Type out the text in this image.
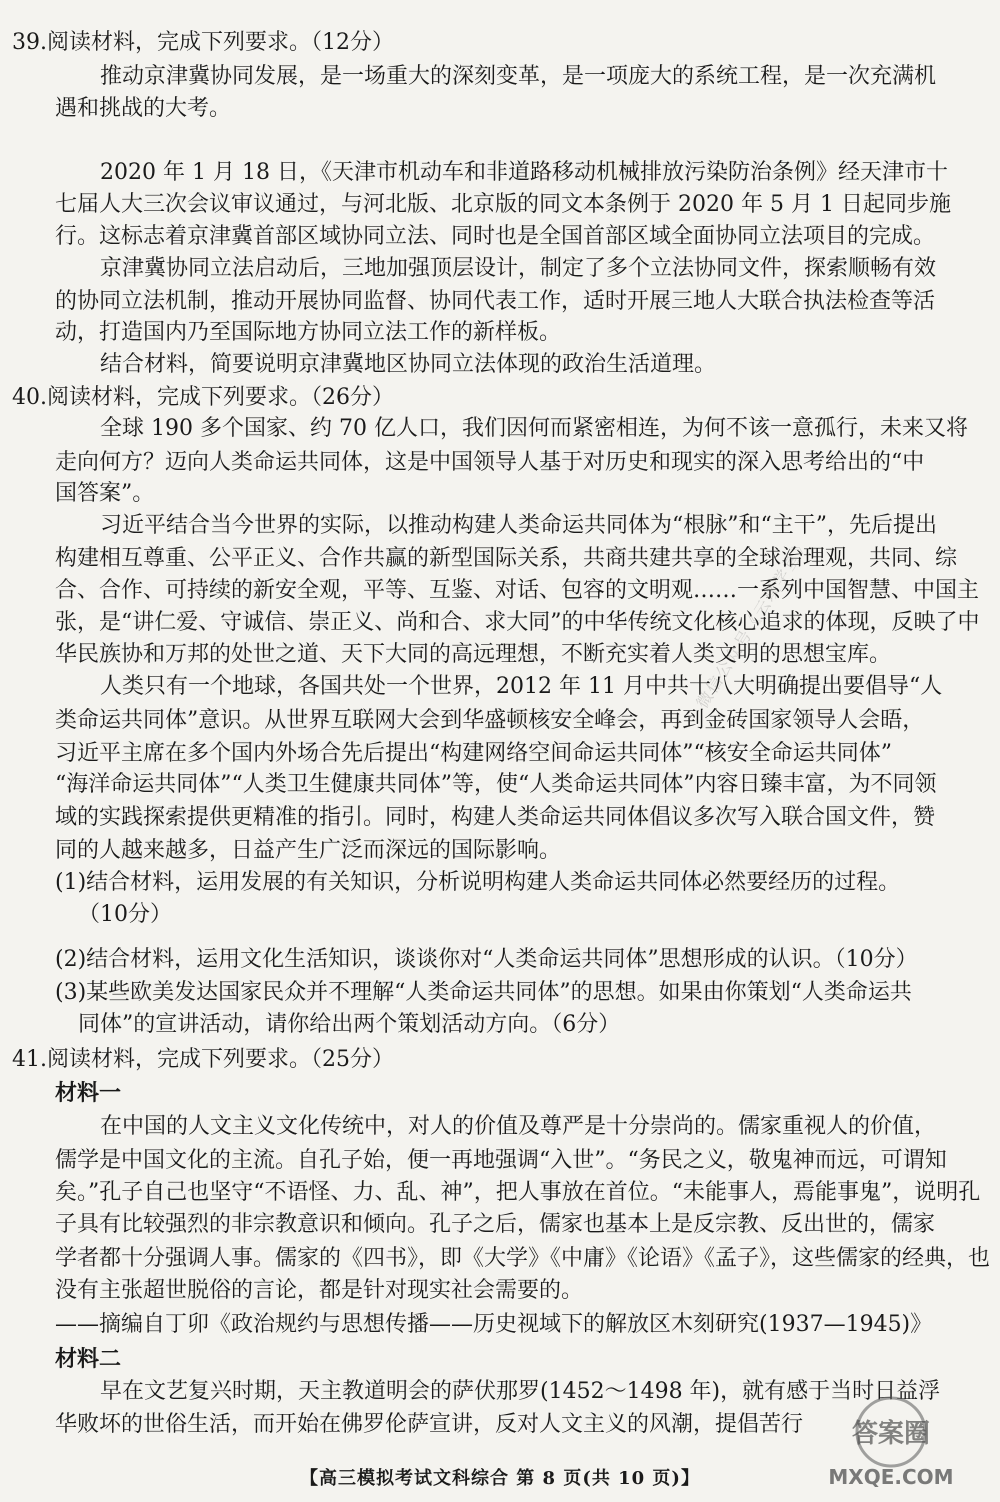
39.阅读材料，完成下列要求。（12分）
推动京津冀协同发展，是一场重大的深刻变革，是一项庞大的系统工程，是一次充满机
遇和挑战的大考。
2020 年 1 月 18 日，《天津市机动车和非道路移动机械排放污染防治条例》经天津市十
七届人大三次会议审议通过，与河北版、北京版的同文本条例于 2020 年 5 月 1 日起同步施
行。这标志着京津冀首部区域协同立法、同时也是全国首部区域全面协同立法项目的完成。
京津冀协同立法启动后，三地加强顶层设计，制定了多个立法协同文件，探索顺畅有效
的协同立法机制，推动开展协同监督、协同代表工作，适时开展三地人大联合执法检查等活
动，打造国内乃至国际地方协同立法工作的新样板。
结合材料，简要说明京津冀地区协同立法体现的政治生活道理。
40.阅读材料，完成下列要求。（26分）
全球 190 多个国家、约 70 亿人口，我们因何而紧密相连，为何不该一意孤行，未来又将
走向何方？迈向人类命运共同体，这是中国领导人基于对历史和现实的深入思考给出的“中
国答案”。
习近平结合当今世界的实际，以推动构建人类命运共同体为“根脉”和“主干”，先后提出
构建相互尊重、公平正义、合作共赢的新型国际关系，共商共建共享的全球治理观，共同、综
合、合作、可持续的新安全观，平等、互鉴、对话、包容的文明观……一系列中国智慧、中国主
张，是“讲仁爱、守诚信、崇正义、尚和合、求大同”的中华传统文化核心追求的体现，反映了中
华民族协和万邦的处世之道、天下大同的高远理想，不断充实着人类文明的思想宝库。
人类只有一个地球，各国共处一个世界，2012 年 11 月中共十八大明确提出要倡导“人
类命运共同体”意识。从世界互联网大会到华盛顿核安全峰会，再到金砖国家领导人会晤，
习近平主席在多个国内外场合先后提出“构建网络空间命运共同体”“核安全命运共同体”
“海洋命运共同体”“人类卫生健康共同体”等，使“人类命运共同体”内容日臻丰富，为不同领
域的实践探索提供更精准的指引。同时，构建人类命运共同体倡议多次写入联合国文件，赞
同的人越来越多，日益产生广泛而深远的国际影响。
(1)结合材料，运用发展的有关知识，分析说明构建人类命运共同体必然要经历的过程。
（10分）
(2)结合材料，运用文化生活知识，谈谈你对“人类命运共同体”思想形成的认识。（10分）
(3)某些欧美发达国家民众并不理解“人类命运共同体”的思想。如果由你策划“人类命运共
同体”的宣讲活动，请你给出两个策划活动方向。（6分）
41.阅读材料，完成下列要求。（25分）
材料一
在中国的人文主义文化传统中，对人的价值及尊严是十分崇尚的。儒家重视人的价值，
儒学是中国文化的主流。自孔子始，便一再地强调“入世”。“务民之义，敬鬼神而远，可谓知
矣。”孔子自己也坚守“不语怪、力、乱、神”，把人事放在首位。“未能事人，焉能事鬼”，说明孔
子具有比较强烈的非宗教意识和倾向。孔子之后，儒家也基本上是反宗教、反出世的，儒家
学者都十分强调人事。儒家的《四书》，即《大学》《中庸》《论语》《孟子》，这些儒家的经典，也
没有主张超世脱俗的言论，都是针对现实社会需要的。
——摘编自丁卯《政治规约与思想传播——历史视域下的解放区木刻研究(1937—1945)》
材料二
早在文艺复兴时期，天主教道明会的萨伏那罗(1452～1498 年)，就有感于当时日益浮
华败坏的世俗生活，而开始在佛罗伦萨宣讲，反对人文主义的风潮，提倡苦行
微信公众号《云璞学堂》
答案圈
MXQE.COM
【高三模拟考试文科综合 第 8 页(共 10 页)】
